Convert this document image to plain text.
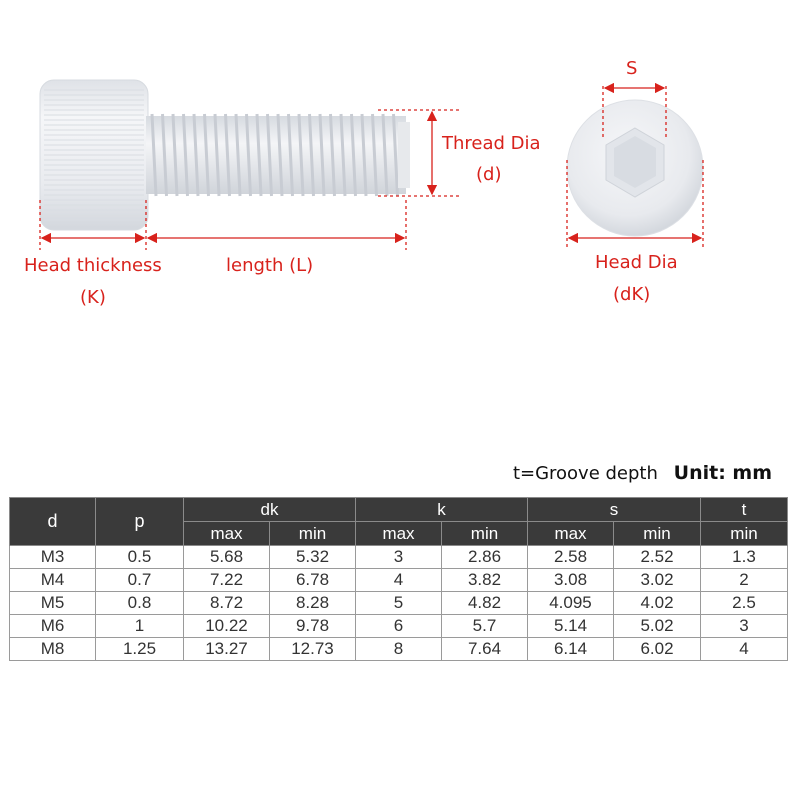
S
Thread Dia
(d)
Head thickness
(K)
length (L)	Head Dia
(dK)
t=Groove depth Unit: mm
d	p	dk		k		s		t
		max	min	max	min	max	min	min
M3	0.5	5.68	5.32	3	2.86	2.58	2.52	1.3
M4	0.7	7.22	6.78	4	3.82	3.08	3.02	2
M5	0.8	8.72	8.28	5	4.82	4.095	4.02	2.5
M6	1	10.22	9.78	6	5.7	5.14	5.02	3
M8	1.25	13.27	12.73	8	7.64	6.14	6.02	4
